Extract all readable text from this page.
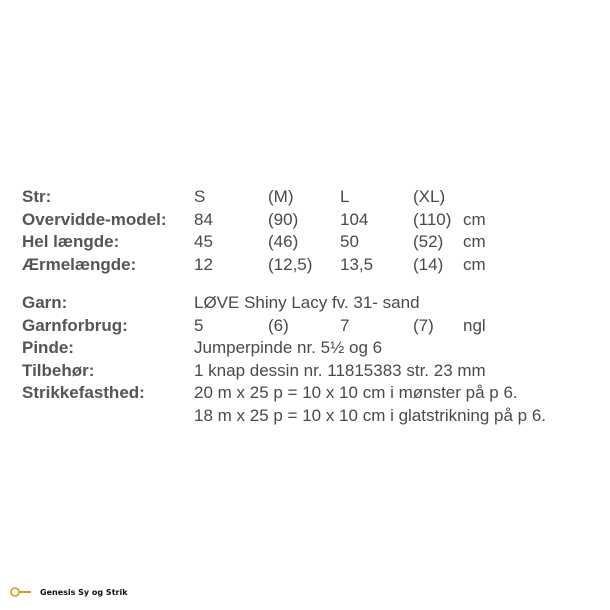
Str:	S	(M)	L	(XL)
Overvidde-model: 84	(90) 104	(110) cm
Hel længde:	45	(46) 50	(52) cm
Ærmelængde:	12	(12,5) 13,5 (14) cm
Garn:	LØVE Shiny Lacy fv. 31- sand
Garnforbrug:	5	(6)	7	(7) ngl
Pinde:	Jumperpinde nr. 5½ og 6
Tilbehør:	1 knap dessin nr. 11815383 str. 23 mm
Strikkefasthed:	20 m x 25 p = 10 x 10 cm i mønster på p 6.
18 m x 25 p = 10 x 10 cm i glatstrikning på p 6.
Genesis Sy og Strik
